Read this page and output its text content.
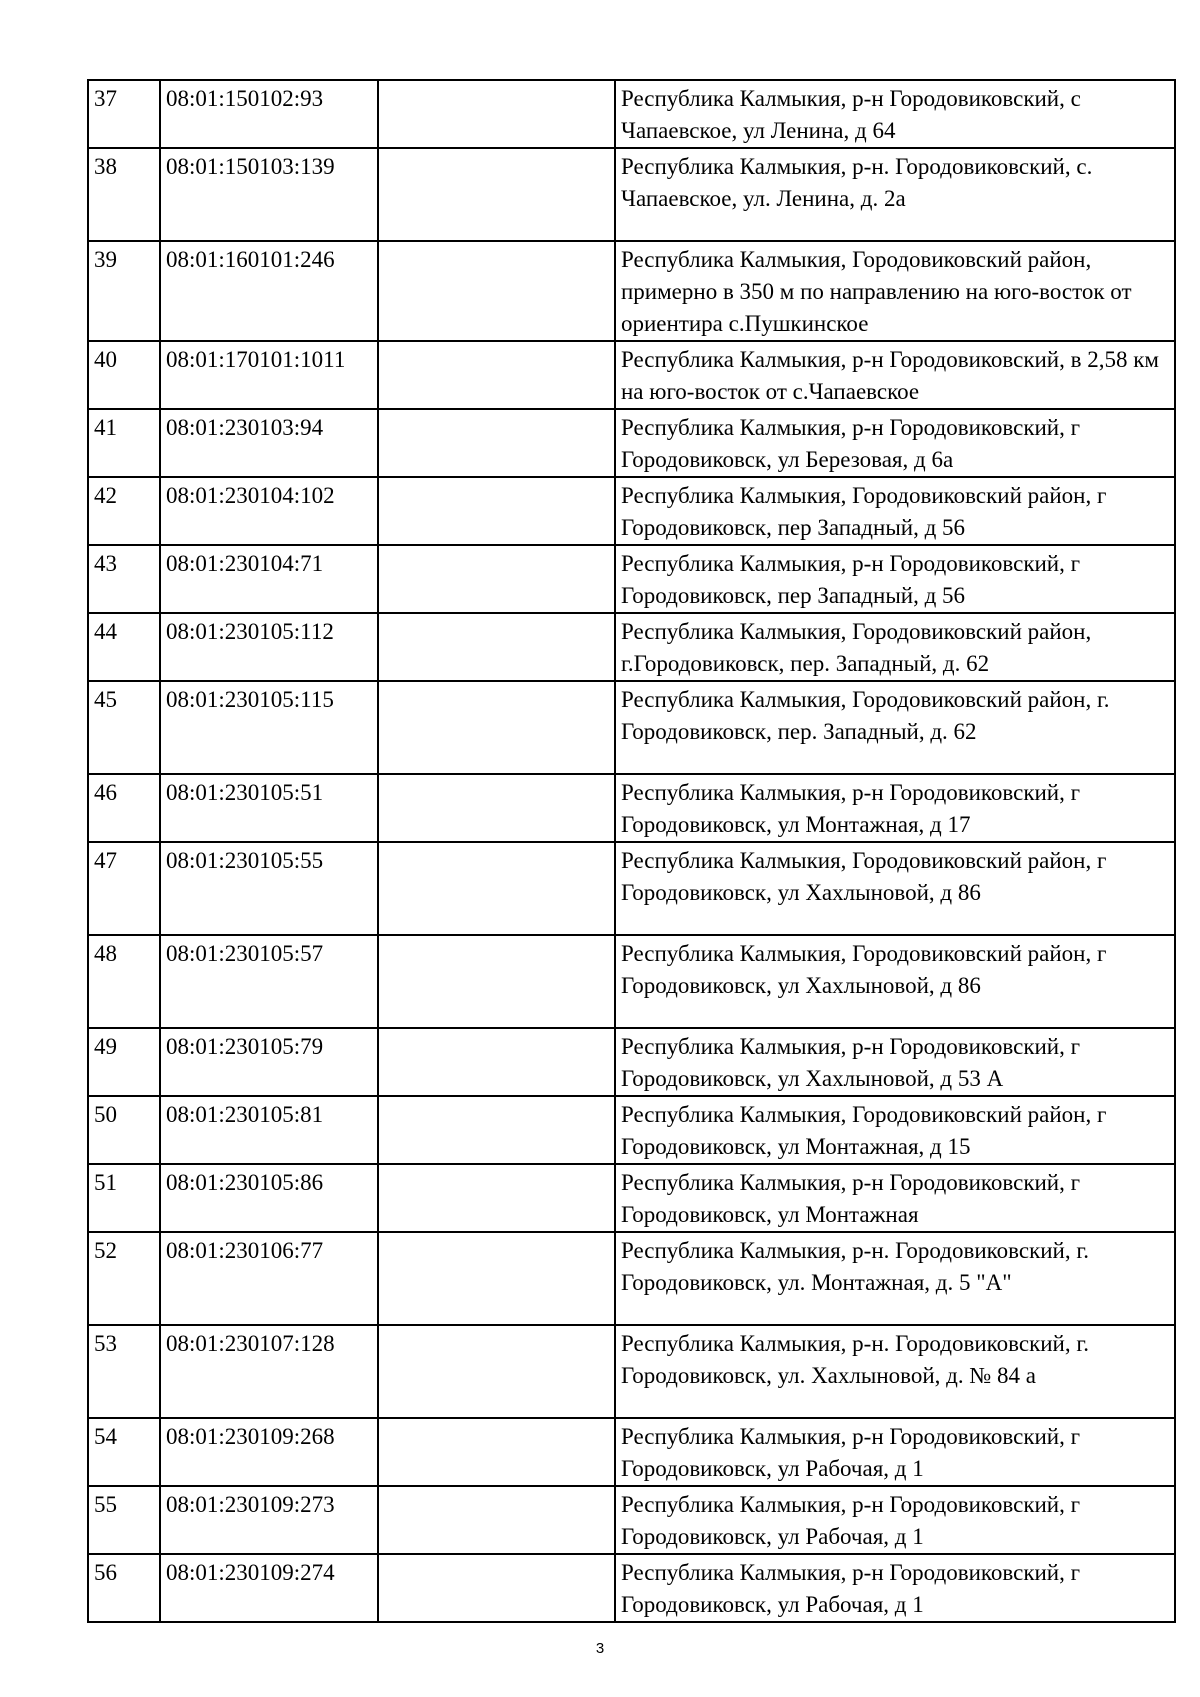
37	08:01:150102:93		Республика Калмыкия, р-н Городовиковский, с Чапаевское, ул Ленина, д 64
38	08:01:150103:139		Республика Калмыкия, р-н. Городовиковский, с. Чапаевское, ул. Ленина, д. 2а
39	08:01:160101:246		Республика Калмыкия, Городовиковский район, примерно в 350 м по направлению на юго-восток от ориентира с.Пушкинское
40	08:01:170101:1011		Республика Калмыкия, р-н Городовиковский, в 2,58 км на юго-восток от с.Чапаевское
41	08:01:230103:94		Республика Калмыкия, р-н Городовиковский, г Городовиковск, ул Березовая, д 6а
42	08:01:230104:102		Республика Калмыкия, Городовиковский район, г Городовиковск, пер Западный, д 56
43	08:01:230104:71		Республика Калмыкия, р-н Городовиковский, г Городовиковск, пер Западный, д 56
44	08:01:230105:112		Республика Калмыкия, Городовиковский район, г.Городовиковск, пер. Западный, д. 62
45	08:01:230105:115		Республика Калмыкия, Городовиковский район, г. Городовиковск, пер. Западный, д. 62
46	08:01:230105:51		Республика Калмыкия, р-н Городовиковский, г Городовиковск, ул Монтажная, д 17
47	08:01:230105:55		Республика Калмыкия, Городовиковский район, г Городовиковск, ул Хахлыновой, д 86
48	08:01:230105:57		Республика Калмыкия, Городовиковский район, г Городовиковск, ул Хахлыновой, д 86
49	08:01:230105:79		Республика Калмыкия, р-н Городовиковский, г Городовиковск, ул Хахлыновой, д 53 А
50	08:01:230105:81		Республика Калмыкия, Городовиковский район, г Городовиковск, ул Монтажная, д 15
51	08:01:230105:86		Республика Калмыкия, р-н Городовиковский, г Городовиковск, ул Монтажная
52	08:01:230106:77		Республика Калмыкия, р-н. Городовиковский, г. Городовиковск, ул. Монтажная, д. 5 "А"
53	08:01:230107:128		Республика Калмыкия, р-н. Городовиковский, г. Городовиковск, ул. Хахлыновой, д. № 84 а
54	08:01:230109:268		Республика Калмыкия, р-н Городовиковский, г Городовиковск, ул Рабочая, д 1
55	08:01:230109:273		Республика Калмыкия, р-н Городовиковский, г Городовиковск, ул Рабочая, д 1
56	08:01:230109:274		Республика Калмыкия, р-н Городовиковский, г Городовиковск, ул Рабочая, д 1
3
